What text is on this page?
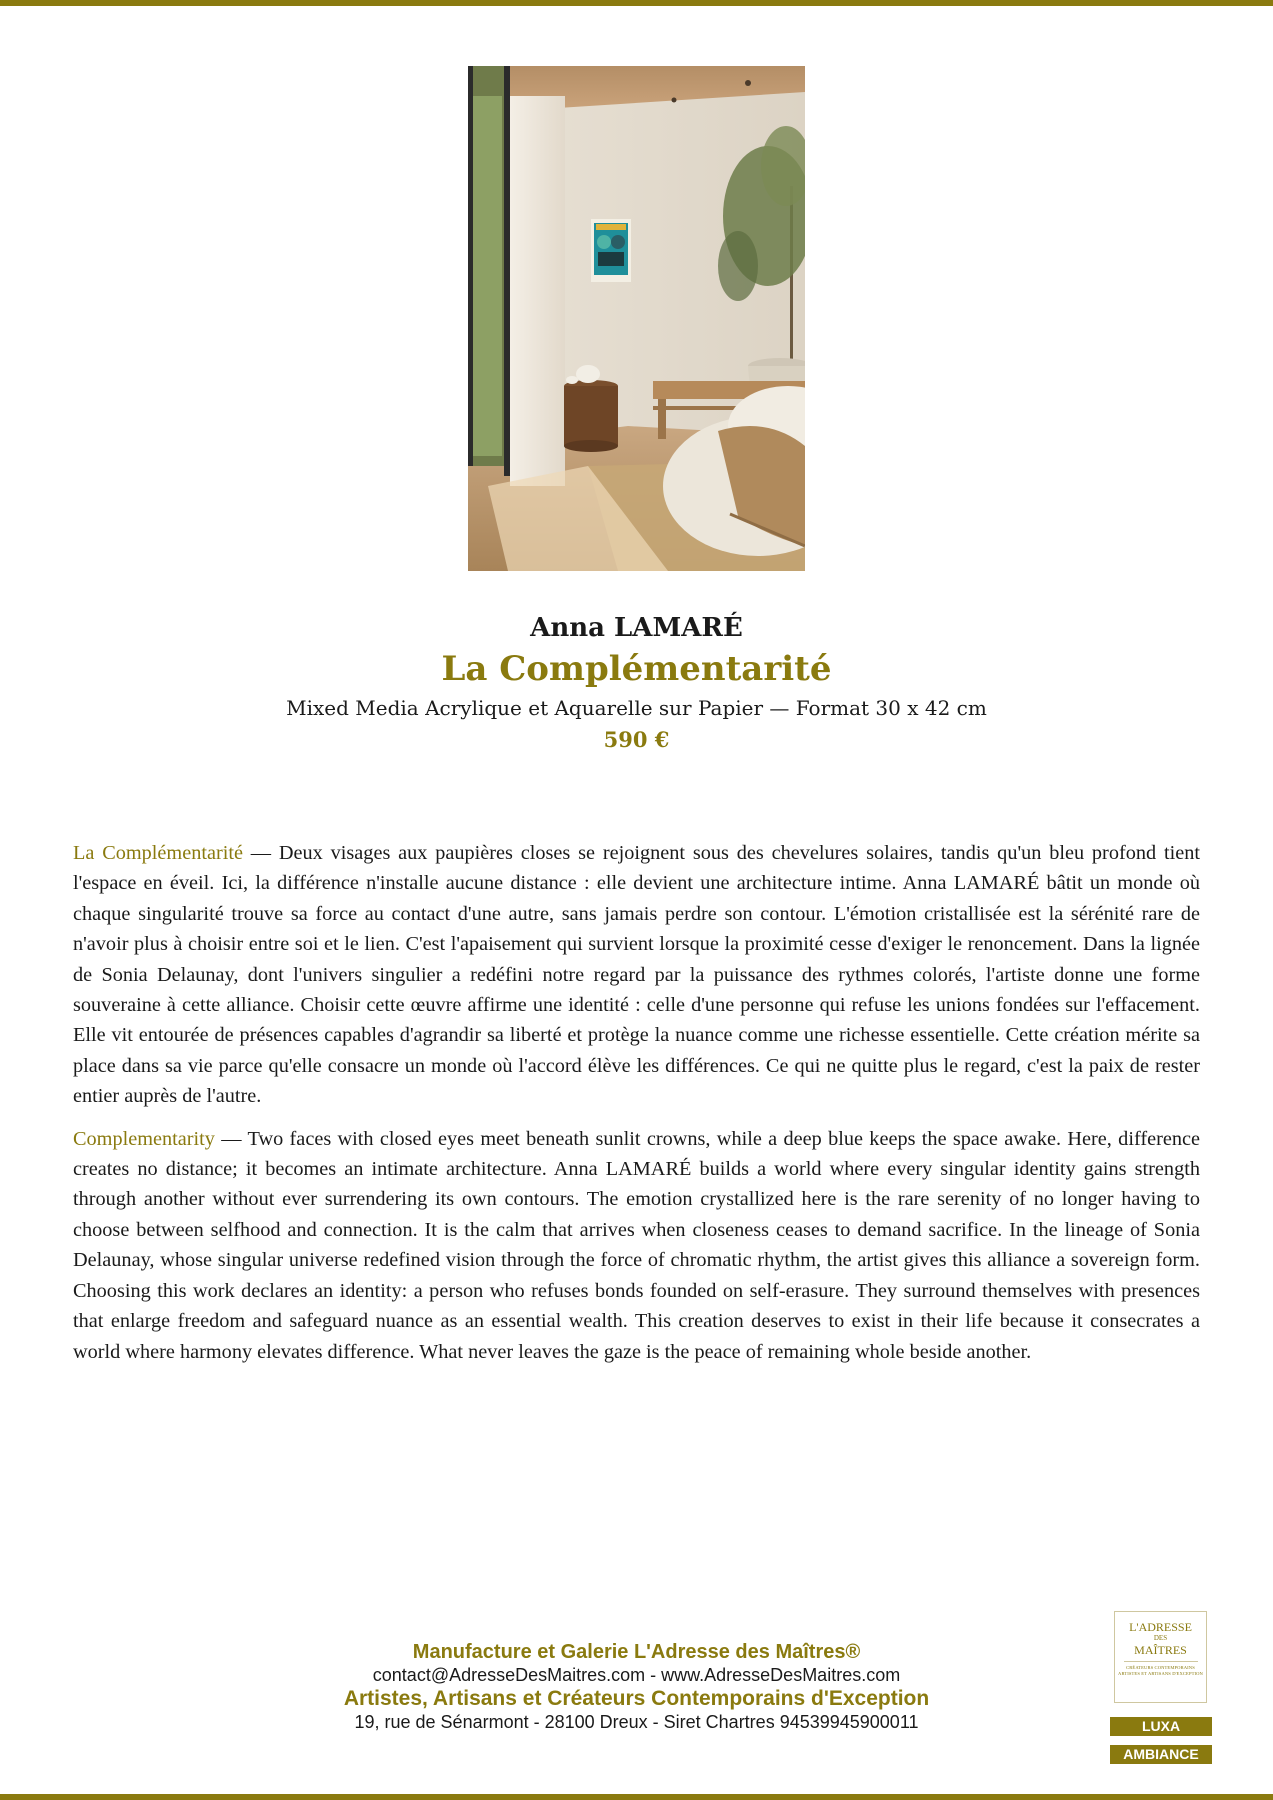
Anna LAMARÉ

La Complémentarité

Mixed Media Acrylique et Aquarelle sur Papier — Format 30 x 42 cm

590 €

La Complémentarité — Deux visages aux paupières closes se rejoignent sous des chevelures solaires, tandis qu'un bleu profond tient l'espace en éveil. Ici, la différence n'installe aucune distance : elle devient une architecture intime. Anna LAMARÉ bâtit un monde où chaque singularité trouve sa force au contact d'une autre, sans jamais perdre son contour. L'émotion cristallisée est la sérénité rare de n'avoir plus à choisir entre soi et le lien. C'est l'apaisement qui survient lorsque la proximité cesse d'exiger le renoncement. Dans la lignée de Sonia Delaunay, dont l'univers singulier a redéfini notre regard par la puissance des rythmes colorés, l'artiste donne une forme souveraine à cette alliance. Choisir cette œuvre affirme une identité : celle d'une personne qui refuse les unions fondées sur l'effacement. Elle vit entourée de présences capables d'agrandir sa liberté et protège la nuance comme une richesse essentielle. Cette création mérite sa place dans sa vie parce qu'elle consacre un monde où l'accord élève les différences. Ce qui ne quitte plus le regard, c'est la paix de rester entier auprès de l'autre.

Complementarity — Two faces with closed eyes meet beneath sunlit crowns, while a deep blue keeps the space awake. Here, difference creates no distance; it becomes an intimate architecture. Anna LAMARÉ builds a world where every singular identity gains strength through another without ever surrendering its own contours. The emotion crystallized here is the rare serenity of no longer having to choose between selfhood and connection. It is the calm that arrives when closeness ceases to demand sacrifice. In the lineage of Sonia Delaunay, whose singular universe redefined vision through the force of chromatic rhythm, the artist gives this alliance a sovereign form. Choosing this work declares an identity: a person who refuses bonds founded on self-erasure. They surround themselves with presences that enlarge freedom and safeguard nuance as an essential wealth. This creation deserves to exist in their life because it consecrates a world where harmony elevates difference. What never leaves the gaze is the peace of remaining whole beside another.

Manufacture et Galerie L'Adresse des Maîtres®
contact@AdresseDesMaitres.com - www.AdresseDesMaitres.com
Artistes, Artisans et Créateurs Contemporains d'Exception
19, rue de Sénarmont - 28100 Dreux - Siret Chartres 94539945900011
L'ADRESSE
DES
MAÎTRES
CRÉATEURS CONTEMPORAINS ARTISTES ET ARTISANS D'EXCEPTION
LUXA
AMBIANCE
